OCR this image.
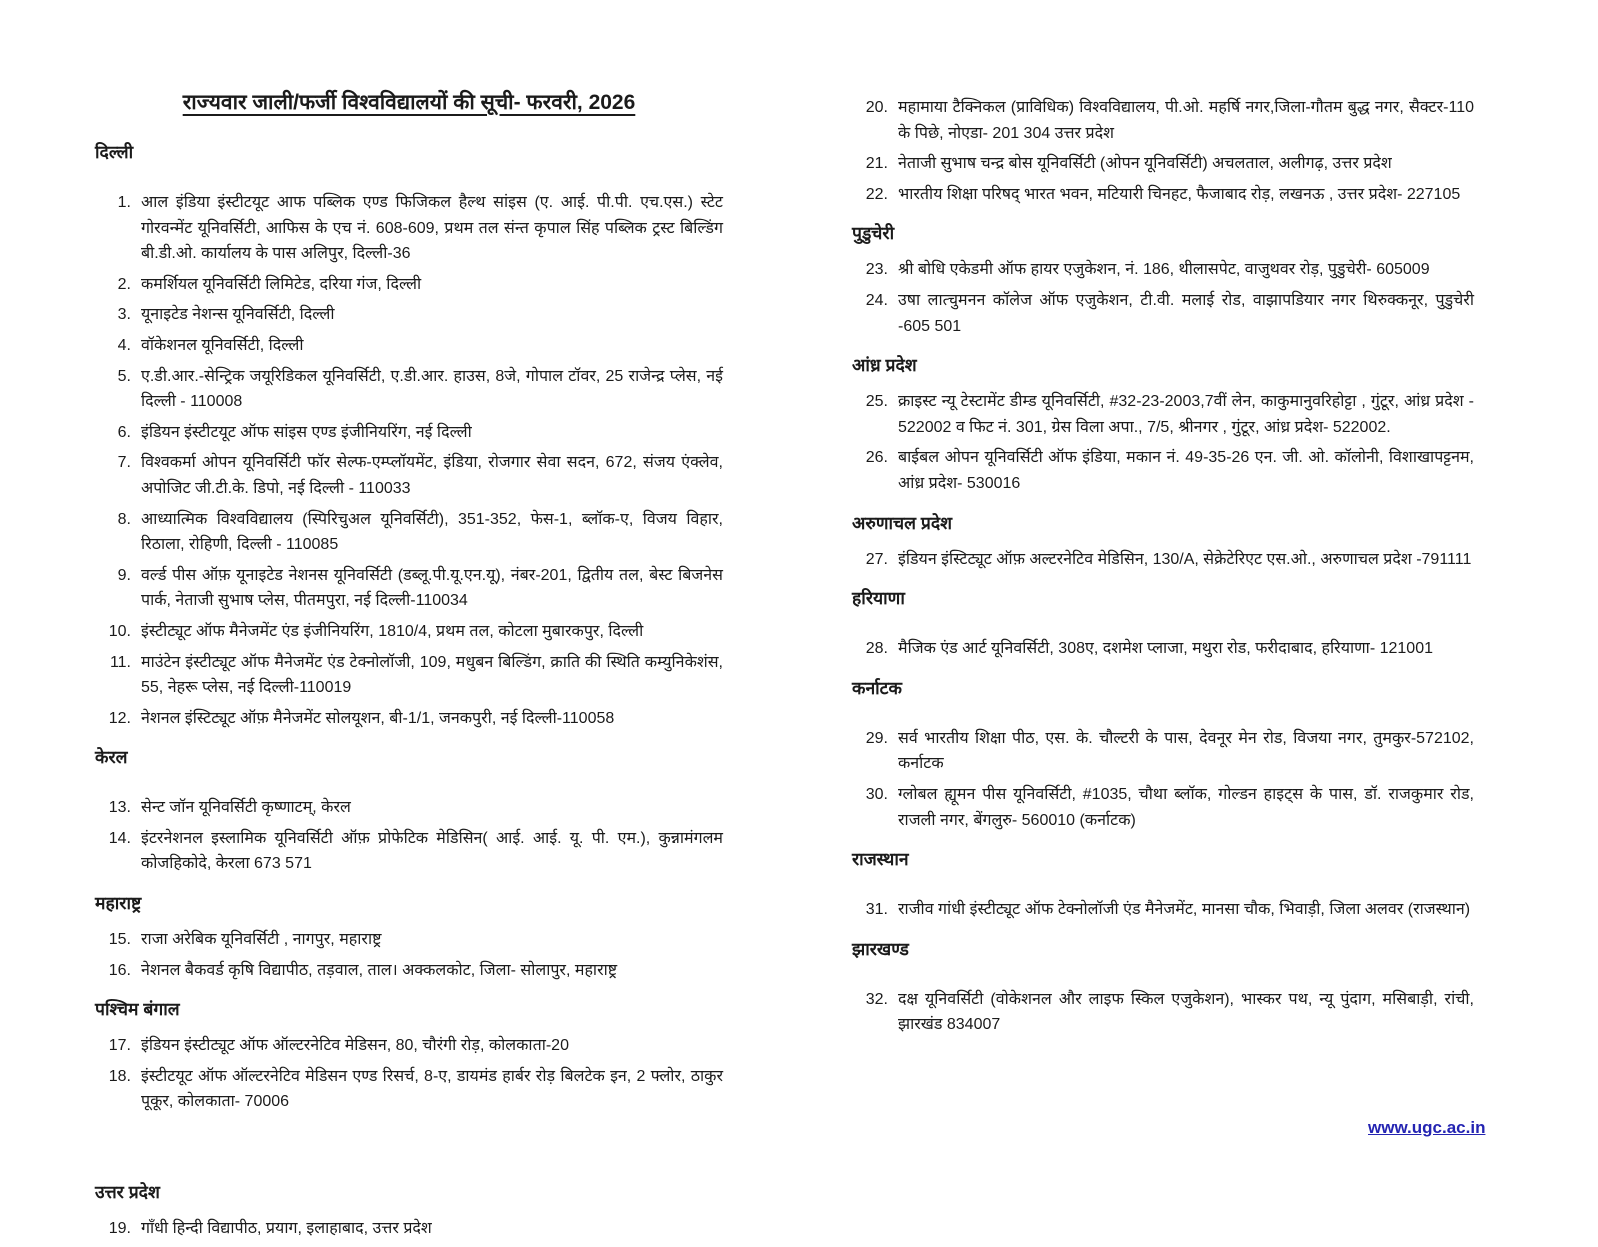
राज्यवार जाली/फर्जी विश्वविद्यालयों की सूची- फरवरी, 2026
दिल्ली
1. आल इंडिया इंस्टीटयूट आफ पब्लिक एण्ड फिजिकल हैल्थ सांइस (ए. आई. पी.पी. एच.एस.) स्टेट गोरवन्मेंट यूनिवर्सिटी, आफिस के एच नं. 608-609, प्रथम तल संन्त कृपाल सिंह पब्लिक ट्रस्ट बिल्डिंग बी.डी.ओ. कार्यालय के पास अलिपुर, दिल्ली-36
2. कमर्शियल यूनिवर्सिटी लिमिटेड, दरिया गंज, दिल्ली
3. यूनाइटेड नेशन्स यूनिवर्सिटी, दिल्ली
4. वॉकेशनल यूनिवर्सिटी, दिल्ली
5. ए.डी.आर.-सेन्ट्रिक जयूरिडिकल यूनिवर्सिटी, ए.डी.आर. हाउस, 8जे, गोपाल टॉवर, 25 राजेन्द्र प्लेस, नई दिल्ली - 110008
6. इंडियन इंस्टीटयूट ऑफ सांइस एण्ड इंजीनियरिंग, नई दिल्ली
7. विश्वकर्मा ओपन यूनिवर्सिटी फॉर सेल्फ-एम्प्लॉयमेंट, इंडिया, रोजगार सेवा सदन, 672, संजय एंक्लेव, अपोजिट जी.टी.के. डिपो, नई दिल्ली - 110033
8. आध्यात्मिक विश्वविद्यालय (स्पिरिचुअल यूनिवर्सिटी), 351-352, फेस-1, ब्लॉक-ए, विजय विहार, रिठाला, रोहिणी, दिल्ली - 110085
9. वर्ल्ड पीस ऑफ़ यूनाइटेड नेशनस यूनिवर्सिटी (डब्लू.पी.यू.एन.यू), नंबर-201, द्वितीय तल, बेस्ट बिजनेस पार्क, नेताजी सुभाष प्लेस, पीतमपुरा, नई दिल्ली-110034
10. इंस्टीट्यूट ऑफ मैनेजमेंट एंड इंजीनियरिंग, 1810/4, प्रथम तल, कोटला मुबारकपुर, दिल्ली
11. माउंटेन इंस्टीट्यूट ऑफ मैनेजमेंट एंड टेक्नोलॉजी, 109, मधुबन बिल्डिंग, क्राति की स्थिति कम्युनिकेशंस, 55, नेहरू प्लेस, नई दिल्ली-110019
12. नेशनल इंस्टिट्यूट ऑफ़ मैनेजमेंट सोलयूशन, बी-1/1, जनकपुरी, नई दिल्ली-110058
केरल
13. सेन्ट जॉन यूनिवर्सिटी कृष्णाटम्, केरल
14. इंटरनेशनल इस्लामिक यूनिवर्सिटी ऑफ़ प्रोफेटिक मेडिसिन( आई. आई. यू. पी. एम.), कुन्नामंगलम कोजहिकोदे, केरला 673 571
महाराष्ट्र
15. राजा अरेबिक यूनिवर्सिटी , नागपुर, महाराष्ट्र
16. नेशनल बैकवर्ड कृषि विद्यापीठ, तड़वाल, ताल। अक्कलकोट, जिला- सोलापुर, महाराष्ट्र
पश्चिम बंगाल
17. इंडियन इंस्टीट्यूट ऑफ ऑल्टरनेटिव मेडिसन, 80, चौरंगी रोड़, कोलकाता-20
18. इंस्टीटयूट ऑफ ऑल्टरनेटिव मेडिसन एण्ड रिसर्च, 8-ए, डायमंड हार्बर रोड़ बिलटेक इन, 2 फ्लोर, ठाकुर पूकूर, कोलकाता- 70006
उत्तर प्रदेश
19. गाँधी हिन्दी विद्यापीठ, प्रयाग, इलाहाबाद, उत्तर प्रदेश
20. महामाया टैक्निकल (प्राविधिक) विश्वविद्यालय, पी.ओ. महर्षि नगर,जिला-गौतम बुद्ध नगर, सैक्टर-110 के पिछे, नोएडा- 201 304 उत्तर प्रदेश
21. नेताजी सुभाष चन्द्र बोस यूनिवर्सिटी (ओपन यूनिवर्सिटी) अचलताल, अलीगढ़, उत्तर प्रदेश
22. भारतीय शिक्षा परिषद् भारत भवन, मटियारी चिनहट, फैजाबाद रोड़, लखनऊ , उत्तर प्रदेश- 227105
पुडुचेरी
23. श्री बोधि एकेडमी ऑफ हायर एजुकेशन, नं. 186, थीलासपेट, वाजुथवर रोड़, पुडुचेरी- 605009
24. उषा लात्चुमनन कॉलेज ऑफ एजुकेशन, टी.वी. मलाई रोड, वाझापडियार नगर थिरुक्कनूर, पुडुचेरी -605 501
आंध्र प्रदेश
25. क्राइस्ट न्यू टेस्टामेंट डीम्ड यूनिवर्सिटी, #32-23-2003,7वीं लेन, काकुमानुवरिहोट्टा , गुंटूर, आंध्र प्रदेश - 522002 व फिट नं. 301, ग्रेस विला अपा., 7/5, श्रीनगर , गुंटूर, आंध्र प्रदेश- 522002.
26. बाईबल ओपन यूनिवर्सिटी ऑफ इंडिया, मकान नं. 49-35-26 एन. जी. ओ. कॉलोनी, विशाखापट्टनम, आंध्र प्रदेश- 530016
अरुणाचल प्रदेश
27. इंडियन इंस्टिट्यूट ऑफ़ अल्टरनेटिव मेडिसिन, 130/A, सेक्रेटेरिएट एस.ओ., अरुणाचल प्रदेश -791111
हरियाणा
28. मैजिक एंड आर्ट यूनिवर्सिटी, 308ए, दशमेश प्लाजा, मथुरा रोड, फरीदाबाद, हरियाणा- 121001
कर्नाटक
29. सर्व भारतीय शिक्षा पीठ, एस. के. चौल्टरी के पास, देवनूर मेन रोड, विजया नगर, तुमकुर-572102, कर्नाटक
30. ग्लोबल ह्यूमन पीस यूनिवर्सिटी, #1035, चौथा ब्लॉक, गोल्डन हाइट्स के पास, डॉ. राजकुमार रोड, राजली नगर, बेंगलुरु- 560010 (कर्नाटक)
राजस्थान
31. राजीव गांधी इंस्टीट्यूट ऑफ टेक्नोलॉजी एंड मैनेजमेंट, मानसा चौक, भिवाड़ी, जिला अलवर (राजस्थान)
झारखण्ड
32. दक्ष यूनिवर्सिटी (वोकेशनल और लाइफ स्किल एजुकेशन), भास्कर पथ, न्यू पुंदाग, मसिबाड़ी, रांची, झारखंड 834007
www.ugc.ac.in
